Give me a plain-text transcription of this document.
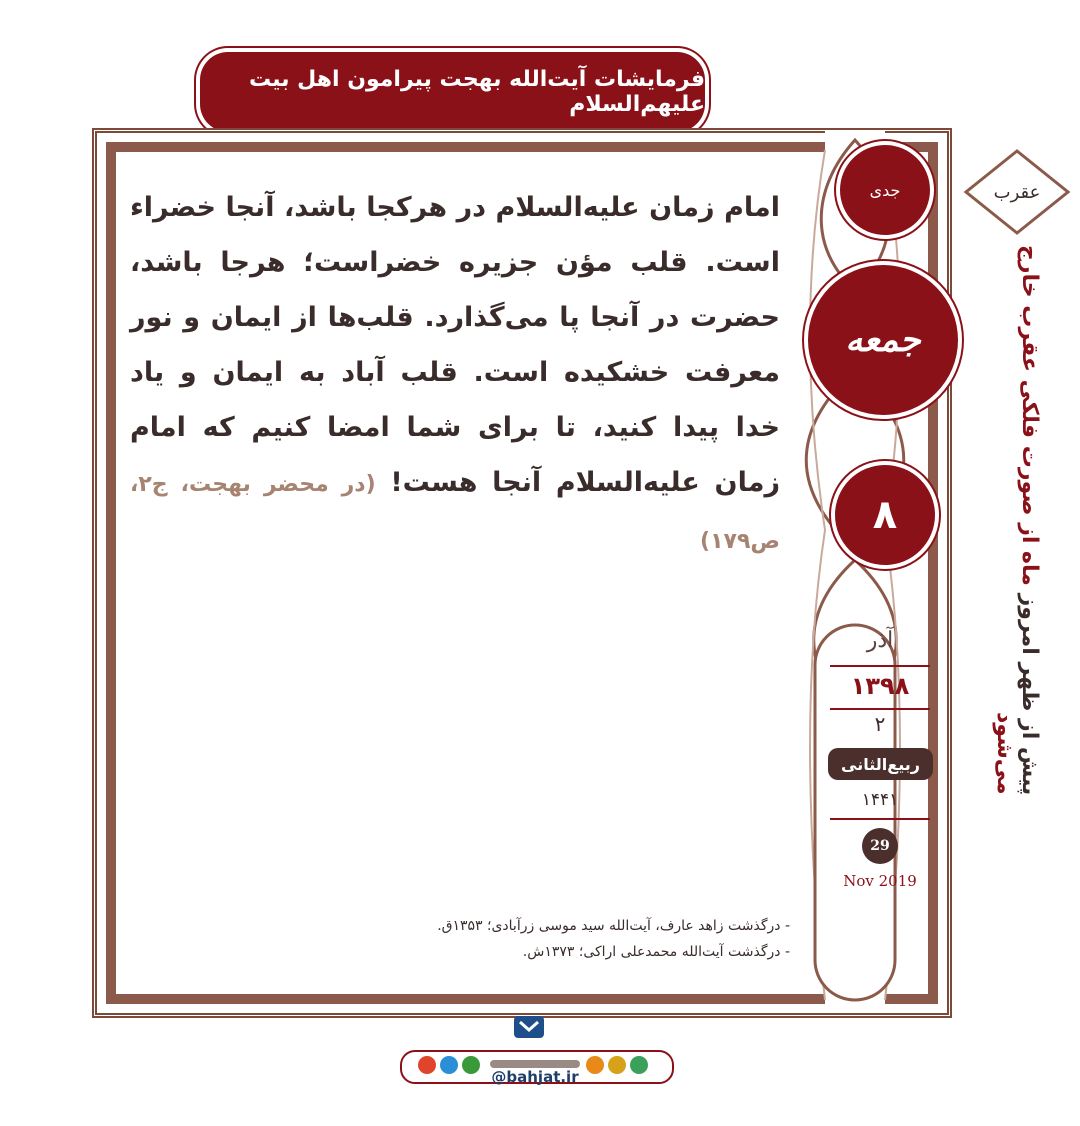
فرمایشات آیت‌الله بهجت پیرامون اهل بیت علیهم‌السلام
عقرب
جدی
جمعه
۸
آذر
۱۳۹۸
۲
ربیع‌الثانی
۱۴۴۱
29
Nov 2019
پیش از ظهر امروز ماه از صورت فلکی عقرب خارج می‌شود
امام زمان علیه‌السلام در هرکجا باشد، آنجا خضراء است. قلب مؤن جزیره خضراست؛ هرجا باشد، حضرت در آنجا پا می‌گذارد. قلب‌ها از ایمان و نور معرفت خشکیده است. قلب آباد به ایمان و یاد خدا پیدا کنید، تا برای شما امضا کنیم که امام زمان علیه‌السلام آنجا هست! (در محضر بهجت، ج۲، ص۱۷۹)
- درگذشت زاهد عارف، آیت‌الله سید موسی زرآبادی؛ ۱۳۵۳ق.
- درگذشت آیت‌الله محمدعلی اراکی؛ ۱۳۷۳ش.
@bahjat.ir
